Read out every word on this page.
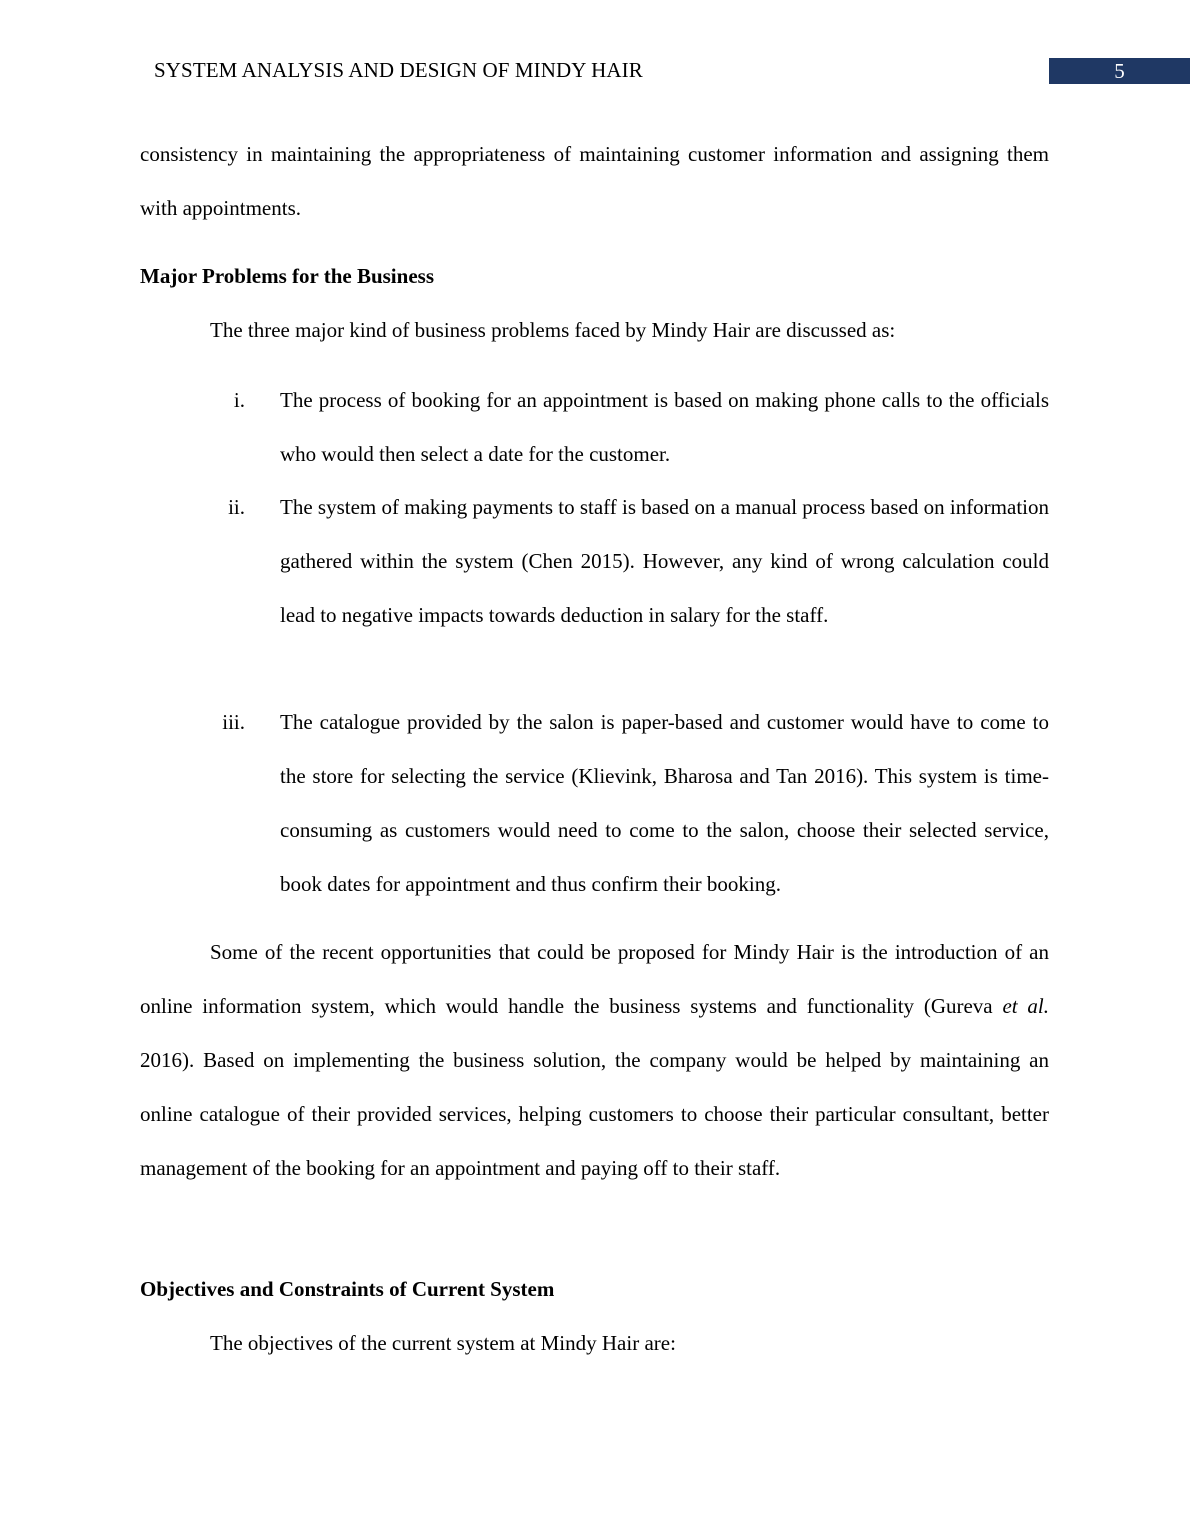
SYSTEM ANALYSIS AND DESIGN OF MINDY HAIR	5
consistency in maintaining the appropriateness of maintaining customer information and assigning them with appointments.
Major Problems for the Business
The three major kind of business problems faced by Mindy Hair are discussed as:
i. The process of booking for an appointment is based on making phone calls to the officials who would then select a date for the customer.
ii. The system of making payments to staff is based on a manual process based on information gathered within the system (Chen 2015). However, any kind of wrong calculation could lead to negative impacts towards deduction in salary for the staff.
iii. The catalogue provided by the salon is paper-based and customer would have to come to the store for selecting the service (Klievink, Bharosa and Tan 2016). This system is time-consuming as customers would need to come to the salon, choose their selected service, book dates for appointment and thus confirm their booking.
Some of the recent opportunities that could be proposed for Mindy Hair is the introduction of an online information system, which would handle the business systems and functionality (Gureva et al. 2016). Based on implementing the business solution, the company would be helped by maintaining an online catalogue of their provided services, helping customers to choose their particular consultant, better management of the booking for an appointment and paying off to their staff.
Objectives and Constraints of Current System
The objectives of the current system at Mindy Hair are:
